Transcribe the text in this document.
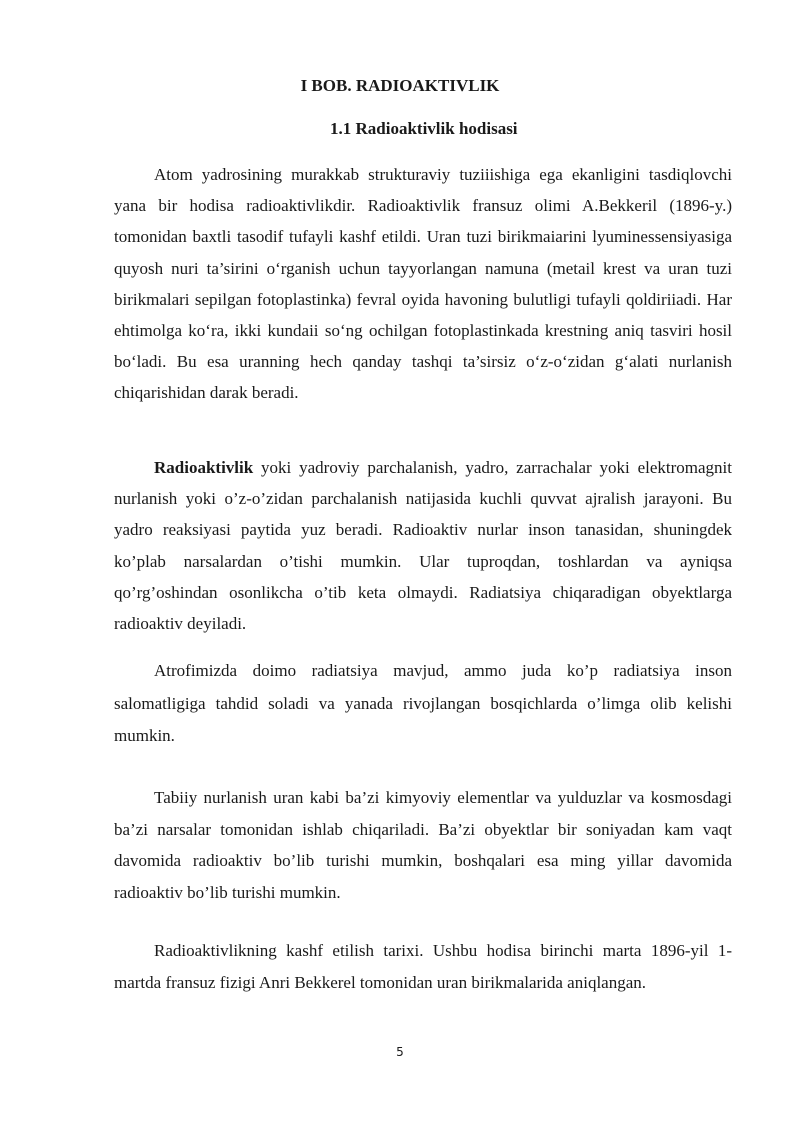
I BOB. RADIOAKTIVLIK
1.1 Radioaktivlik hodisasi

Atom yadrosining murakkab strukturaviy tuziiishiga ega ekanligini tasdiqlovchi yana bir hodisa radioaktivlikdir. Radioaktivlik fransuz olimi A.Bekkeril (1896-y.) tomonidan baxtli tasodif tufayli kashf etildi. Uran tuzi birikmaiarini lyuminessensiyasiga quyosh nuri ta’sirini o‘rganish uchun tayyorlangan namuna (metail krest va uran tuzi birikmalari sepilgan fotoplastinka) fevral oyida havoning bulutligi tufayli qoldiriiadi. Har ehtimolga ko‘ra, ikki kundaii so‘ng ochilgan fotoplastinkada krestning aniq tasviri hosil bo‘ladi. Bu esa uranning hech qanday tashqi ta’sirsiz o‘z-o‘zidan g‘alati nurlanish chiqarishidan darak beradi.

Radioaktivlik yoki yadroviy parchalanish, yadro, zarrachalar yoki elektromagnit nurlanish yoki o’z-o’zidan parchalanish natijasida kuchli quvvat ajralish jarayoni. Bu yadro reaksiyasi paytida yuz beradi. Radioaktiv nurlar inson tanasidan, shuningdek ko’plab narsalardan o’tishi mumkin. Ular tuproqdan, toshlardan va ayniqsa qo’rg’oshindan osonlikcha o’tib keta olmaydi. Radiatsiya chiqaradigan obyektlarga radioaktiv deyiladi.

Atrofimizda doimo radiatsiya mavjud, ammo juda ko’p radiatsiya inson salomatligiga tahdid soladi va yanada rivojlangan bosqichlarda o’limga olib kelishi mumkin.

Tabiiy nurlanish uran kabi ba’zi kimyoviy elementlar va yulduzlar va kosmosdagi ba’zi narsalar tomonidan ishlab chiqariladi. Ba’zi obyektlar bir soniyadan kam vaqt davomida radioaktiv bo’lib turishi mumkin, boshqalari esa ming yillar davomida radioaktiv bo’lib turishi mumkin.

Radioaktivlikning kashf etilish tarixi. Ushbu hodisa birinchi marta 1896-yil 1-martda fransuz fizigi Anri Bekkerel tomonidan uran birikmalarida aniqlangan.

5
